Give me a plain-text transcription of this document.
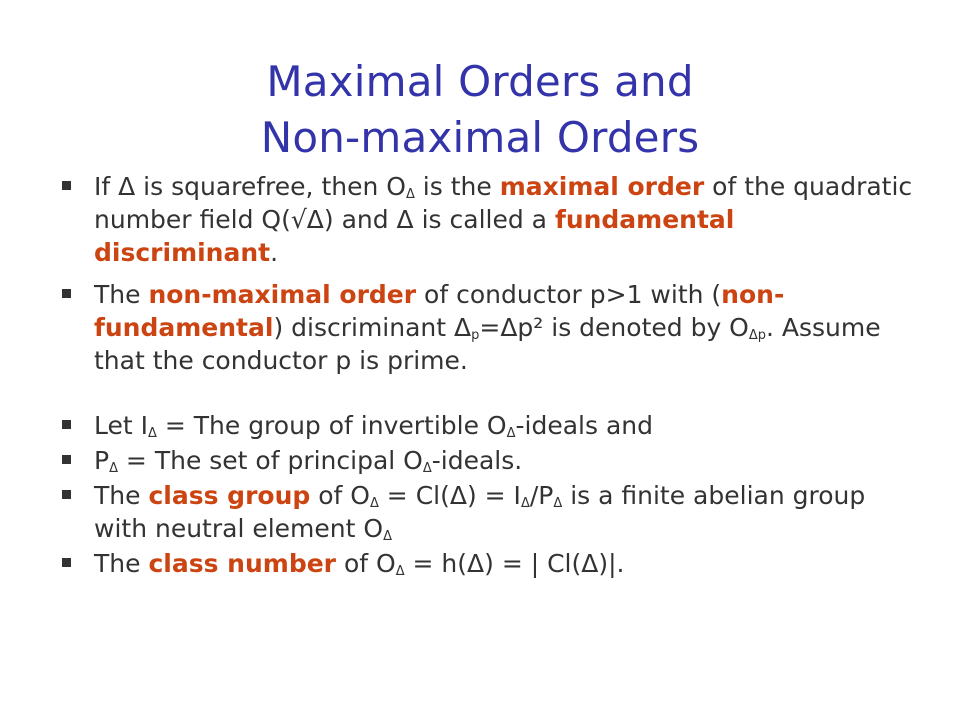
Maximal Orders and
Non-maximal Orders
If Δ is squarefree, then $O_\Delta$ is the maximal order of the quadratic number field Q(√Δ) and Δ is called a fundamental discriminant.
The non-maximal order of conductor p>1 with (non-fundamental) discriminant $\Delta_p=\Delta p^2$ is denoted by $O_{\Delta p}$. Assume that the conductor p is prime.
Let $I_\Delta$ = The group of invertible $O_\Delta$-ideals and
$P_\Delta$ = The set of principal $O_\Delta$-ideals.
The class group of $O_\Delta = Cl(\Delta) = I_\Delta/P_\Delta$ is a finite abelian group with neutral element $O_\Delta$
The class number of $O_\Delta = h(\Delta)$ = | Cl(Δ)|.
